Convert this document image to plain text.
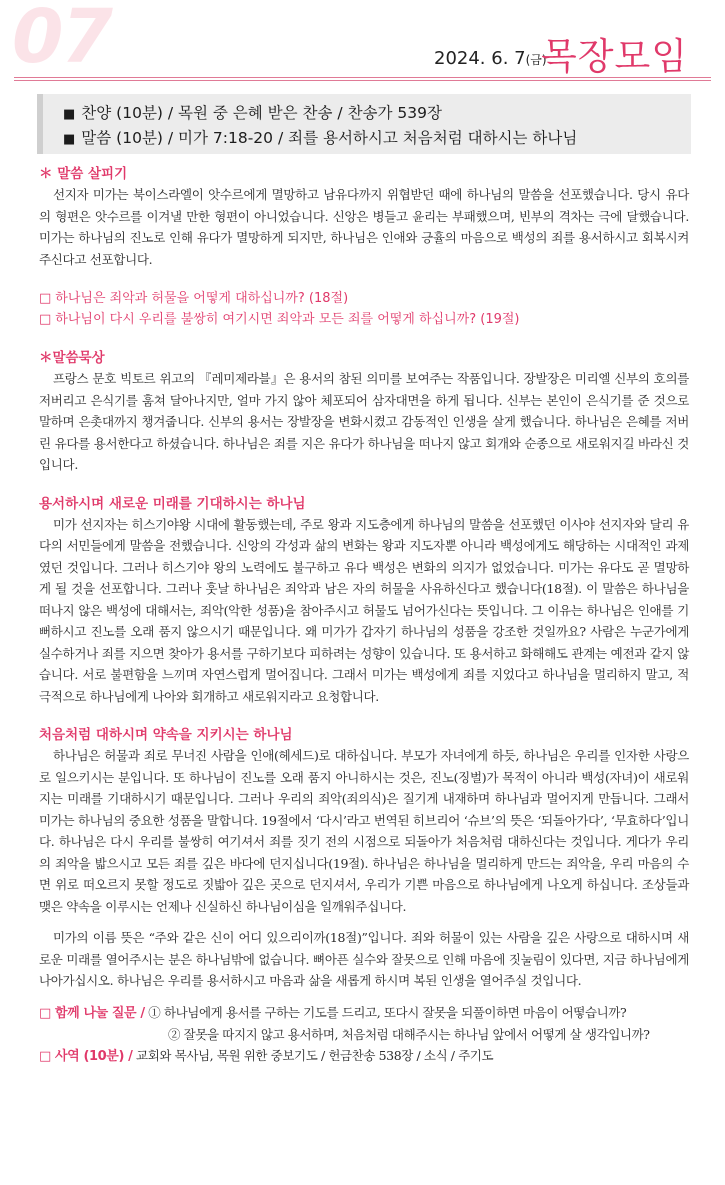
07	2024. 6. 7(금)
목장모임
■ 찬양 (10분) / 목원 중 은혜 받은 찬송 / 찬송가 539장
■ 말씀 (10분) / 미가 7:18-20 / 죄를 용서하시고 처음처럼 대하시는 하나님

＊ 말씀 살피기

선지자 미가는 북이스라엘이 앗수르에게 멸망하고 남유다까지 위협받던 때에 하나님의 말씀을 선포했습니다. 당시 유다의 형편은 앗수르를 이겨낼 만한 형편이 아니었습니다. 신앙은 병들고 윤리는 부패했으며, 빈부의 격차는 극에 달했습니다. 미가는 하나님의 진노로 인해 유다가 멸망하게 되지만, 하나님은 인애와 긍휼의 마음으로 백성의 죄를 용서하시고 회복시켜 주신다고 선포합니다.

□ 하나님은 죄악과 허물을 어떻게 대하십니까? (18절)

□ 하나님이 다시 우리를 불쌍히 여기시면 죄악과 모든 죄를 어떻게 하십니까? (19절)

＊말씀묵상

프랑스 문호 빅토르 위고의 『레미제라블』은 용서의 참된 의미를 보여주는 작품입니다. 장발장은 미리엘 신부의 호의를 저버리고 은식기를 훔쳐 달아나지만, 얼마 가지 않아 체포되어 삼자대면을 하게 됩니다. 신부는 본인이 은식기를 준 것으로 말하며 은촛대까지 챙겨줍니다. 신부의 용서는 장발장을 변화시켰고 감동적인 인생을 살게 했습니다. 하나님은 은혜를 저버린 유다를 용서한다고 하셨습니다. 하나님은 죄를 지은 유다가 하나님을 떠나지 않고 회개와 순종으로 새로워지길 바라신 것입니다.

용서하시며 새로운 미래를 기대하시는 하나님

미가 선지자는 히스기야왕 시대에 활동했는데, 주로 왕과 지도층에게 하나님의 말씀을 선포했던 이사야 선지자와 달리 유다의 서민들에게 말씀을 전했습니다. 신앙의 각성과 삶의 변화는 왕과 지도자뿐 아니라 백성에게도 해당하는 시대적인 과제였던 것입니다. 그러나 히스기야 왕의 노력에도 불구하고 유다 백성은 변화의 의지가 없었습니다. 미가는 유다도 곧 멸망하게 될 것을 선포합니다. 그러나 훗날 하나님은 죄악과 남은 자의 허물을 사유하신다고 했습니다(18절). 이 말씀은 하나님을 떠나지 않은 백성에 대해서는, 죄악(악한 성품)을 참아주시고 허물도 넘어가신다는 뜻입니다. 그 이유는 하나님은 인애를 기뻐하시고 진노를 오래 품지 않으시기 때문입니다. 왜 미가가 갑자기 하나님의 성품을 강조한 것일까요? 사람은 누군가에게 실수하거나 죄를 지으면 찾아가 용서를 구하기보다 피하려는 성향이 있습니다. 또 용서하고 화해해도 관계는 예전과 같지 않습니다. 서로 불편함을 느끼며 자연스럽게 멀어집니다. 그래서 미가는 백성에게 죄를 지었다고 하나님을 멀리하지 말고, 적극적으로 하나님에게 나아와 회개하고 새로워지라고 요청합니다.

처음처럼 대하시며 약속을 지키시는 하나님

하나님은 허물과 죄로 무너진 사람을 인애(헤세드)로 대하십니다. 부모가 자녀에게 하듯, 하나님은 우리를 인자한 사랑으로 일으키시는 분입니다. 또 하나님이 진노를 오래 품지 아니하시는 것은, 진노(징벌)가 목적이 아니라 백성(자녀)이 새로워지는 미래를 기대하시기 때문입니다. 그러나 우리의 죄악(죄의식)은 질기게 내재하며 하나님과 멀어지게 만듭니다. 그래서 미가는 하나님의 중요한 성품을 말합니다. 19절에서 ‘다시’라고 번역된 히브리어 ‘슈브’의 뜻은 ‘되돌아가다’, ‘무효하다’입니다. 하나님은 다시 우리를 불쌍히 여기셔서 죄를 짓기 전의 시점으로 되돌아가 처음처럼 대하신다는 것입니다. 게다가 우리의 죄악을 밟으시고 모든 죄를 깊은 바다에 던지십니다(19절). 하나님은 하나님을 멀리하게 만드는 죄악을, 우리 마음의 수면 위로 떠오르지 못할 정도로 짓밟아 깊은 곳으로 던지셔서, 우리가 기쁜 마음으로 하나님에게 나오게 하십니다. 조상들과 맺은 약속을 이루시는 언제나 신실하신 하나님이심을 일깨워주십니다.

미가의 이름 뜻은 “주와 같은 신이 어디 있으리이까(18절)”입니다. 죄와 허물이 있는 사람을 깊은 사랑으로 대하시며 새로운 미래를 열어주시는 분은 하나님밖에 없습니다. 뼈아픈 실수와 잘못으로 인해 마음에 짓눌림이 있다면, 지금 하나님에게 나아가십시오. 하나님은 우리를 용서하시고 마음과 삶을 새롭게 하시며 복된 인생을 열어주실 것입니다.

□ 함께 나눌 질문 / ① 하나님에게 용서를 구하는 기도를 드리고, 또다시 잘못을 되풀이하면 마음이 어떻습니까?

② 잘못을 따지지 않고 용서하며, 처음처럼 대해주시는 하나님 앞에서 어떻게 살 생각입니까?

□ 사역 (10분) / 교회와 목사님, 목원 위한 중보기도 / 헌금찬송 538장 / 소식 / 주기도
